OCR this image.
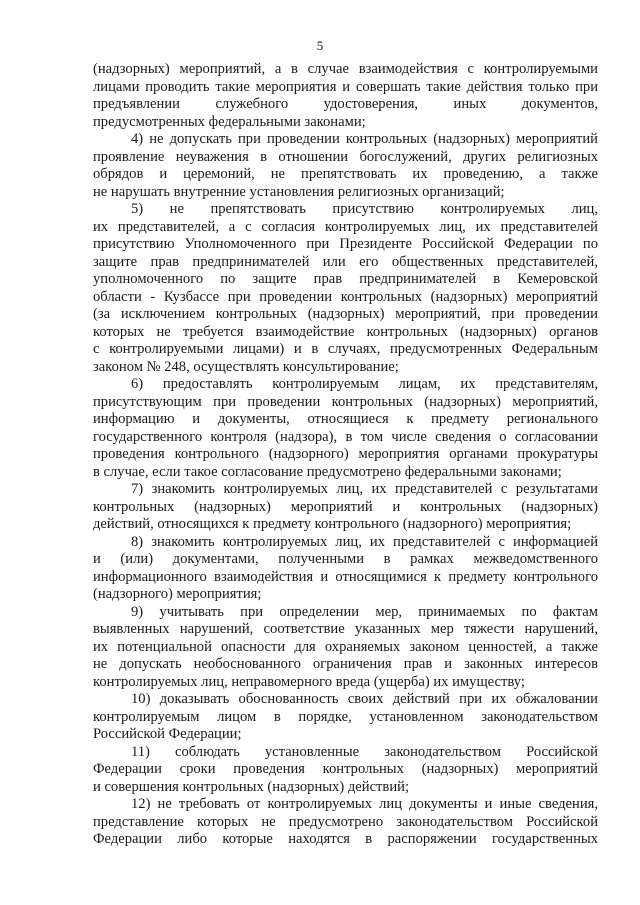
5
(надзорных) мероприятий, а в случае взаимодействия с контролируемыми
лицами проводить такие мероприятия и совершать такие действия только при
предъявлении служебного удостоверения, иных документов,
предусмотренных федеральными законами;
4) не допускать при проведении контрольных (надзорных) мероприятий
проявление неуважения в отношении богослужений, других религиозных
обрядов и церемоний, не препятствовать их проведению, а также
не нарушать внутренние установления религиозных организаций;
5) не препятствовать присутствию контролируемых лиц,
их представителей, а с согласия контролируемых лиц, их представителей
присутствию Уполномоченного при Президенте Российской Федерации по
защите прав предпринимателей или его общественных представителей,
уполномоченного по защите прав предпринимателей в Кемеровской
области - Кузбассе при проведении контрольных (надзорных) мероприятий
(за исключением контрольных (надзорных) мероприятий, при проведении
которых не требуется взаимодействие контрольных (надзорных) органов
с контролируемыми лицами) и в случаях, предусмотренных Федеральным
законом № 248, осуществлять консультирование;
6) предоставлять контролируемым лицам, их представителям,
присутствующим при проведении контрольных (надзорных) мероприятий,
информацию и документы, относящиеся к предмету регионального
государственного контроля (надзора), в том числе сведения о согласовании
проведения контрольного (надзорного) мероприятия органами прокуратуры
в случае, если такое согласование предусмотрено федеральными законами;
7) знакомить контролируемых лиц, их представителей с результатами
контрольных (надзорных) мероприятий и контрольных (надзорных)
действий, относящихся к предмету контрольного (надзорного) мероприятия;
8) знакомить контролируемых лиц, их представителей с информацией
и (или) документами, полученными в рамках межведомственного
информационного взаимодействия и относящимися к предмету контрольного
(надзорного) мероприятия;
9) учитывать при определении мер, принимаемых по фактам
выявленных нарушений, соответствие указанных мер тяжести нарушений,
их потенциальной опасности для охраняемых законом ценностей, а также
не допускать необоснованного ограничения прав и законных интересов
контролируемых лиц, неправомерного вреда (ущерба) их имуществу;
10) доказывать обоснованность своих действий при их обжаловании
контролируемым лицом в порядке, установленном законодательством
Российской Федерации;
11) соблюдать установленные законодательством Российской
Федерации сроки проведения контрольных (надзорных) мероприятий
и совершения контрольных (надзорных) действий;
12) не требовать от контролируемых лиц документы и иные сведения,
представление которых не предусмотрено законодательством Российской
Федерации либо которые находятся в распоряжении государственных
